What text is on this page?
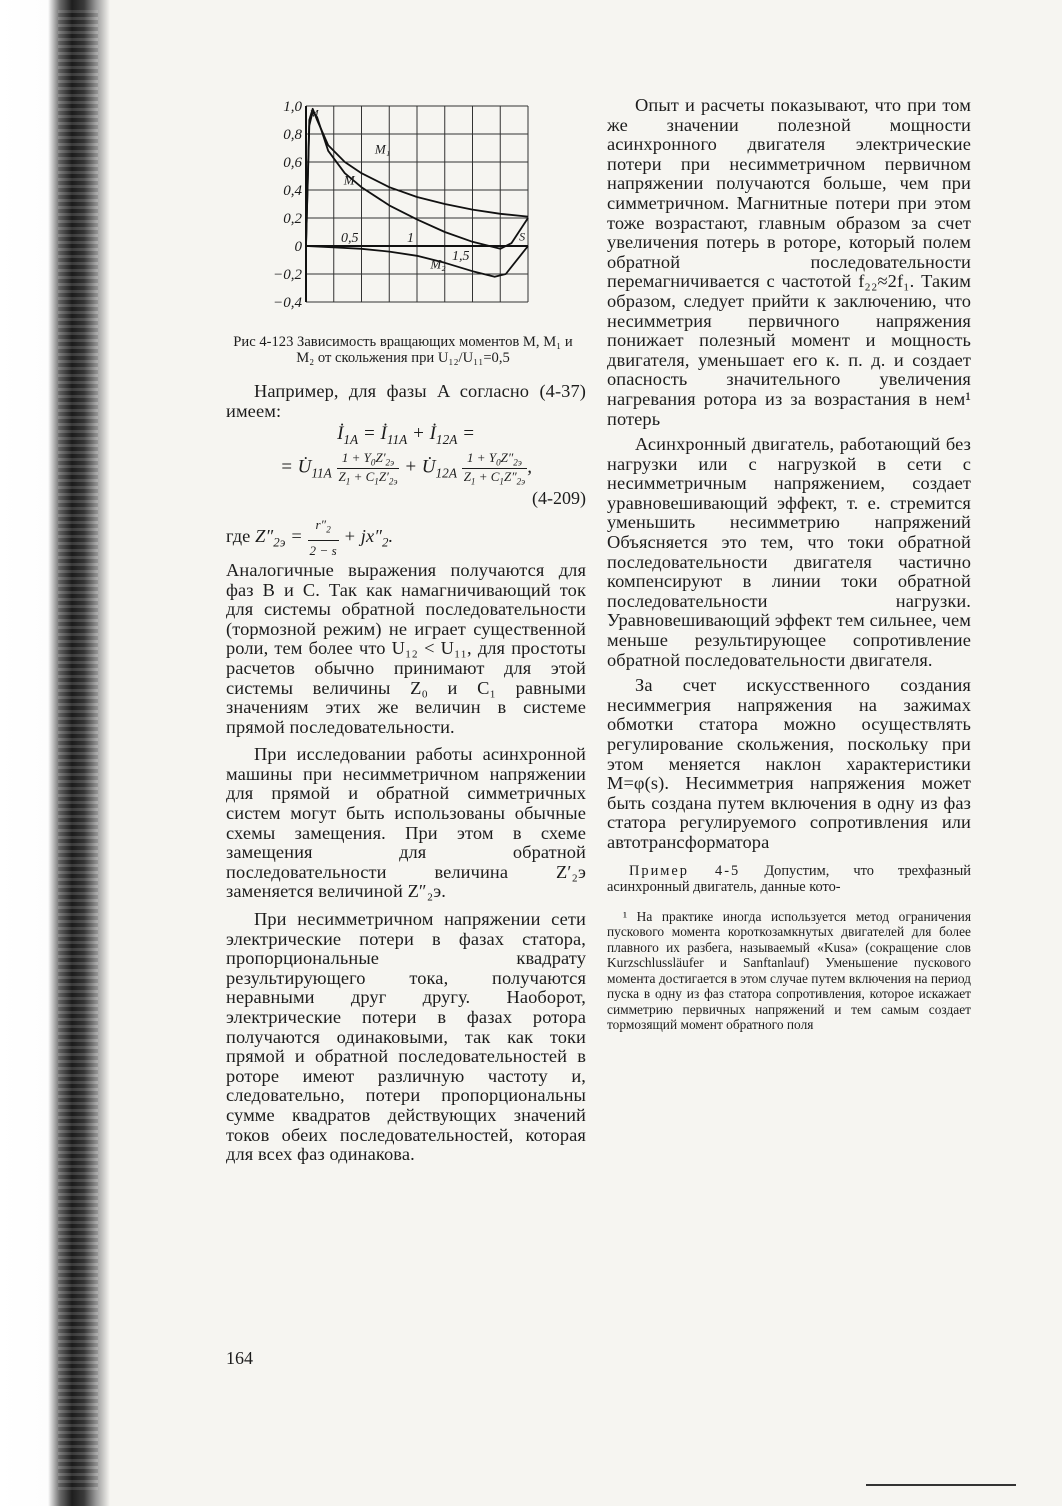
1,0
0,8
0,6
0,4
0,2
0
−0,2
−0,4
0,5	1
1,5
M
M₁
M
M₂
S

Рис 4-123 Зависимость вращающих моментов M, M₁ и M₂ от скольжения при U₁₂/U₁₁=0,5

Например, для фазы A согласно (4-37) имеем:

$İ_{1A}$ = $İ_{11A}$ + $İ_{12A}$ =
= $U̇_{11A} \frac{1 + Y_0Z'_{2э}}{Z_1 + C_1Z'_{2э}}$ + $U̇_{12A} \frac{1 + Y_0Z''_{2э}}{Z_1 + C_1Z''_{2э}}$ ,
(4-209)
где $Z''_{2э} = \frac{r''_2}{2 - s} + jx''_2$.

Аналогичные выражения получаются для фаз B и C. Так как намагничивающий ток для системы обратной последовательности (тормозной режим) не играет существенной роли, тем более что U₁₂ < U₁₁, для простоты расчетов обычно принимают для этой системы величины Z₀ и C₁ равными значениям этих же величин в системе прямой последовательности.

При исследовании работы асинхронной машины при несимметричном напряжении для прямой и обратной симметричных систем могут быть использованы обычные схемы замещения. При этом в схеме замещения для обратной последовательности величина Z′₂э заменяется величиной Z″₂э.

При несимметричном напряжении сети электрические потери в фазах статора, пропорциональные квадрату результирующего тока, получаются неравными друг другу. Наоборот, электрические потери в фазах ротора получаются одинаковыми, так как токи прямой и обратной последовательностей в роторе имеют различную частоту и, следовательно, потери пропорциональны сумме квадратов действующих значений токов обеих последовательностей, которая для всех фаз одинакова.

Опыт и расчеты показывают, что при том же значении полезной мощности асинхронного двигателя электрические потери при несимметричном первичном напряжении получаются больше, чем при симметричном. Магнитные потери при этом тоже возрастают, главным образом за счет увеличения потерь в роторе, который полем обратной последовательности перемагничивается с частотой f₂₂≈2f₁. Таким образом, следует прийти к заключению, что несимметрия первичного напряжения понижает полезный момент и мощность двигателя, уменьшает его к. п. д. и создает опасность значительного увеличения нагревания ротора из за возрастания в нем¹ потерь

Асинхронный двигатель, работающий без нагрузки или с нагрузкой в сети с несимметричным напряжением, создает уравновешивающий эффект, т. е. стремится уменьшить несимметрию напряжений Объясняется это тем, что токи обратной последовательности двигателя частично компенсируют в линии токи обратной последовательности нагрузки. Уравновешивающий эффект тем сильнее, чем меньше результирующее сопротивление обратной последовательности двигателя.

За счет искусственного создания несиммегрия напряжения на зажимах обмотки статора можно осуществлять регулирование скольжения, поскольку при этом меняется наклон характеристики M=φ(s). Несимметрия напряжения может быть создана путем включения в одну из фаз статора регулируемого сопротивления или автотрансформатора

Пример 4-5 Допустим, что трехфазный асинхронный двигатель, данные кото-

¹ На практике иногда используется метод ограничения пускового момента короткозамкнутых двигателей для более плавного их разбега, называемый «Kusa» (сокращение слов Kurzschlussläufer и Sanftanlauf) Уменьшение пускового момента достигается в этом случае путем включения на период пуска в одну из фаз статора сопротивления, которое искажает симметрию первичных напряжений и тем самым создает тормозящий момент обратного поля

164
